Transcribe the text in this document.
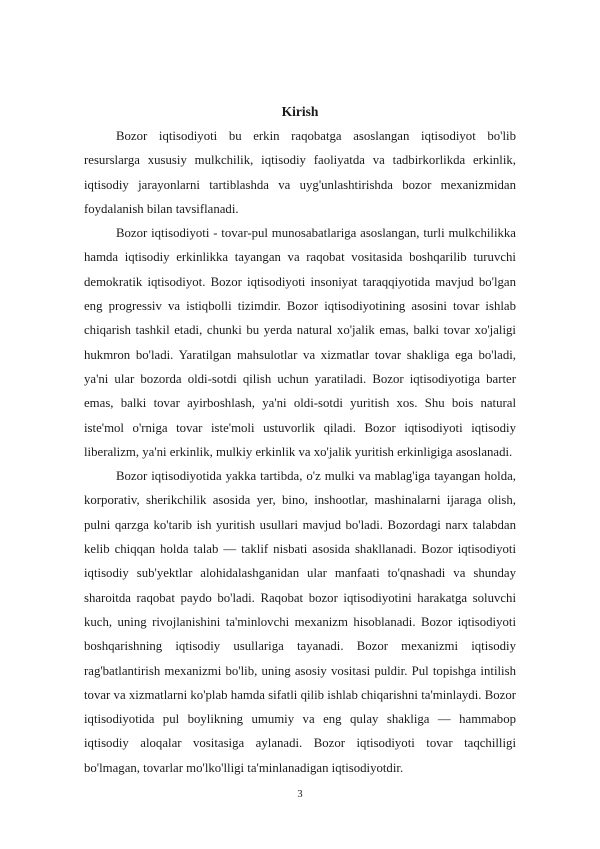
Kirish

Bozor iqtisodiyoti bu erkin raqobatga asoslangan iqtisodiyot bo'lib resurslarga xususiy mulkchilik, iqtisodiy faoliyatda va tadbirkorlikda erkinlik, iqtisodiy jarayonlarni tartiblashda va uyg'unlashtirishda bozor mexanizmidan foydalanish bilan tavsiflanadi.

Bozor iqtisodiyoti - tovar-pul munosabatlariga asoslangan, turli mulkchilikka hamda iqtisodiy erkinlikka tayangan va raqobat vositasida boshqarilib turuvchi demokratik iqtisodiyot. Bozor iqtisodiyoti insoniyat taraqqiyotida mavjud bo'lgan eng progressiv va istiqbolli tizimdir. Bozor iqtisodiyotining asosini tovar ishlab chiqarish tashkil etadi, chunki bu yerda natural xo'jalik emas, balki tovar xo'jaligi hukmron bo'ladi. Yaratilgan mahsulotlar va xizmatlar tovar shakliga ega bo'ladi, ya'ni ular bozorda oldi-sotdi qilish uchun yaratiladi. Bozor iqtisodiyotiga barter emas, balki tovar ayirboshlash, ya'ni oldi-sotdi yuritish xos. Shu bois natural iste'mol o'rniga tovar iste'moli ustuvorlik qiladi. Bozor iqtisodiyoti iqtisodiy liberalizm, ya'ni erkinlik, mulkiy erkinlik va xo'jalik yuritish erkinligiga asoslanadi.

Bozor iqtisodiyotida yakka tartibda, o'z mulki va mablag'iga tayangan holda, korporativ, sherikchilik asosida yer, bino, inshootlar, mashinalarni ijaraga olish, pulni qarzga ko'tarib ish yuritish usullari mavjud bo'ladi. Bozordagi narx talabdan kelib chiqqan holda talab — taklif nisbati asosida shakllanadi. Bozor iqtisodiyoti iqtisodiy sub'yektlar alohidalashganidan ular manfaati to'qnashadi va shunday sharoitda raqobat paydo bo'ladi. Raqobat bozor iqtisodiyotini harakatga soluvchi kuch, uning rivojlanishini ta'minlovchi mexanizm hisoblanadi. Bozor iqtisodiyoti boshqarishning iqtisodiy usullariga tayanadi. Bozor mexanizmi iqtisodiy rag'batlantirish mexanizmi bo'lib, uning asosiy vositasi puldir. Pul topishga intilish tovar va xizmatlarni ko'plab hamda sifatli qilib ishlab chiqarishni ta'minlaydi. Bozor iqtisodiyotida pul boylikning umumiy va eng qulay shakliga — hammabop iqtisodiy aloqalar vositasiga aylanadi. Bozor iqtisodiyoti tovar taqchilligi bo'lmagan, tovarlar mo'lko'lligi ta'minlanadigan iqtisodiyotdir.

3
